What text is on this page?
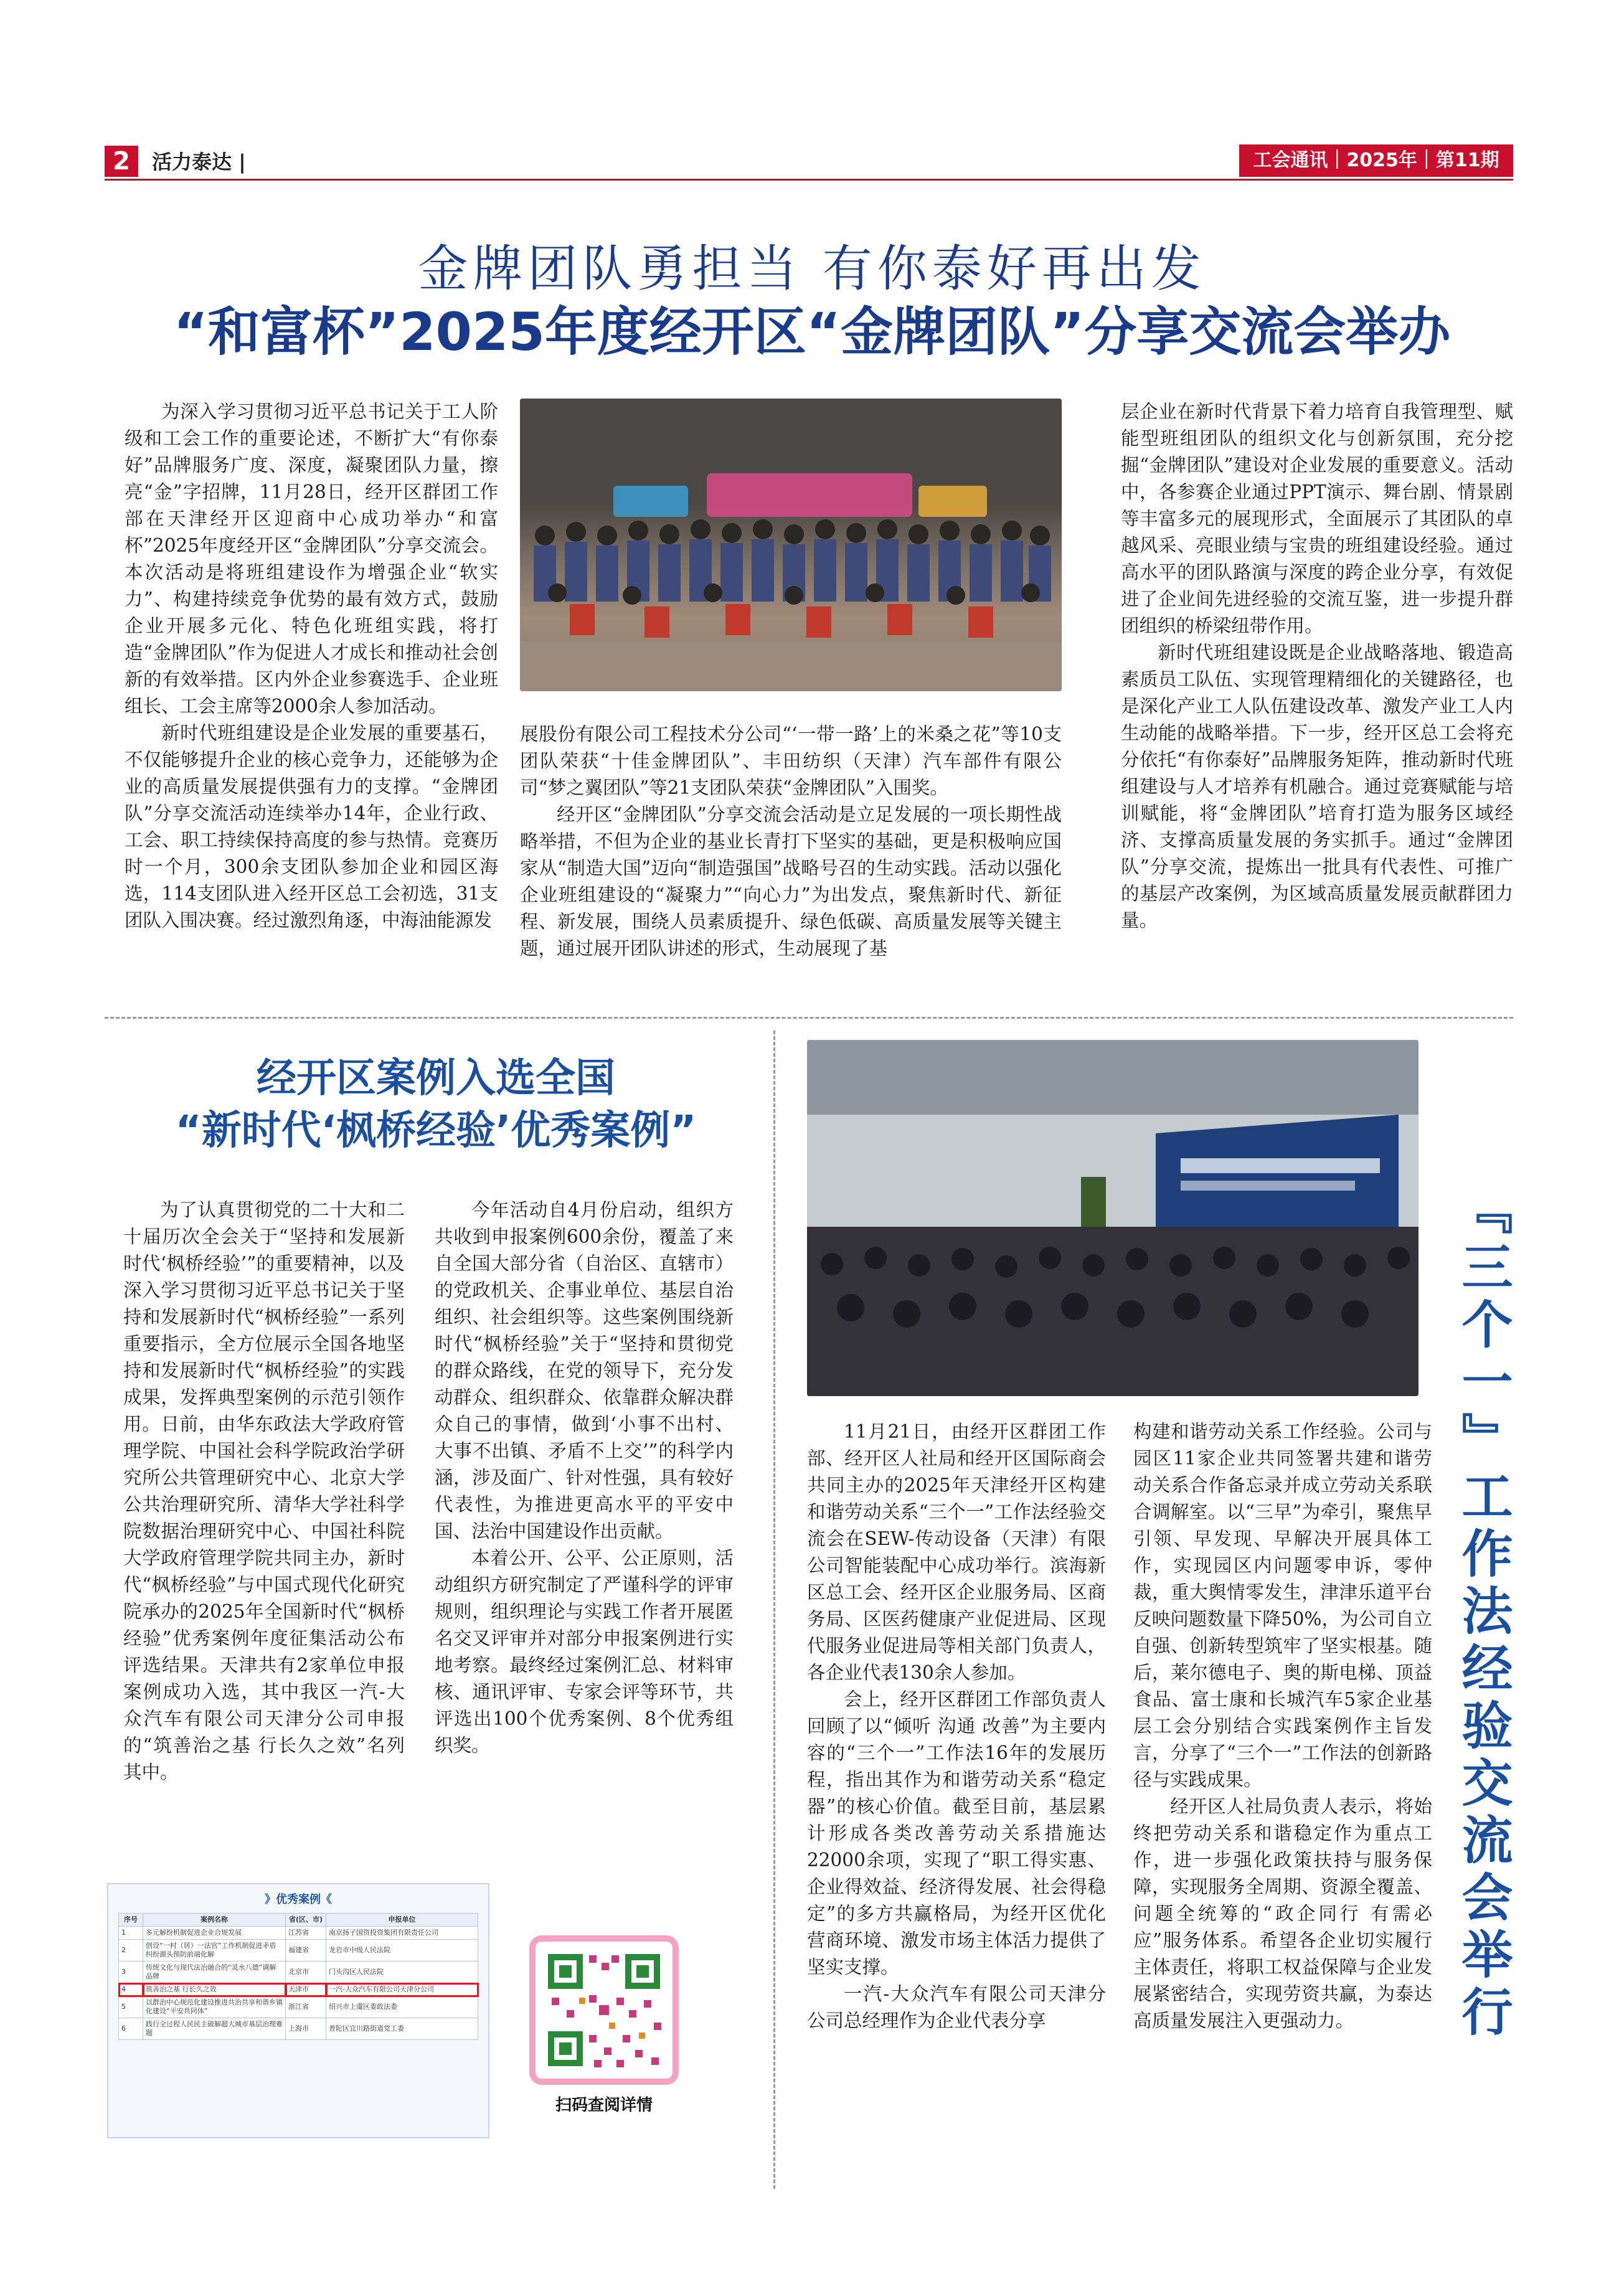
2	活力泰达 |	工会通讯｜2025年｜第11期
金牌团队勇担当 有你泰好再出发
“和富杯”2025年度经开区“金牌团队”分享交流会举办

为深入学习贯彻习近平总书记关于工人阶级和工会工作的重要论述，不断扩大“有你泰好”品牌服务广度、深度，凝聚团队力量，擦亮“金”字招牌，11月28日，经开区群团工作部在天津经开区迎商中心成功举办“和富杯”2025年度经开区“金牌团队”分享交流会。本次活动是将班组建设作为增强企业“软实力”、构建持续竞争优势的最有效方式，鼓励企业开展多元化、特色化班组实践，将打造“金牌团队”作为促进人才成长和推动社会创新的有效举措。区内外企业参赛选手、企业班组长、工会主席等2000余人参加活动。

新时代班组建设是企业发展的重要基石，不仅能够提升企业的核心竞争力，还能够为企业的高质量发展提供强有力的支撑。“金牌团队”分享交流活动连续举办14年，企业行政、工会、职工持续保持高度的参与热情。竞赛历时一个月，300余支团队参加企业和园区海选，114支团队进入经开区总工会初选，31支团队入围决赛。经过激烈角逐，中海油能源发

展股份有限公司工程技术分公司“‘一带一路’上的米桑之花”等10支团队荣获“十佳金牌团队”、丰田纺织（天津）汽车部件有限公司“梦之翼团队”等21支团队荣获“金牌团队”入围奖。

经开区“金牌团队”分享交流会活动是立足发展的一项长期性战略举措，不但为企业的基业长青打下坚实的基础，更是积极响应国家从“制造大国”迈向“制造强国”战略号召的生动实践。活动以强化企业班组建设的“凝聚力”“向心力”为出发点，聚焦新时代、新征程、新发展，围绕人员素质提升、绿色低碳、高质量发展等关键主题，通过展开团队讲述的形式，生动展现了基

层企业在新时代背景下着力培育自我管理型、赋能型班组团队的组织文化与创新氛围，充分挖掘“金牌团队”建设对企业发展的重要意义。活动中，各参赛企业通过PPT演示、舞台剧、情景剧等丰富多元的展现形式，全面展示了其团队的卓越风采、亮眼业绩与宝贵的班组建设经验。通过高水平的团队路演与深度的跨企业分享，有效促进了企业间先进经验的交流互鉴，进一步提升群团组织的桥梁纽带作用。

新时代班组建设既是企业战略落地、锻造高素质员工队伍、实现管理精细化的关键路径，也是深化产业工人队伍建设改革、激发产业工人内生动能的战略举措。下一步，经开区总工会将充分依托“有你泰好”品牌服务矩阵，推动新时代班组建设与人才培养有机融合。通过竞赛赋能与培训赋能，将“金牌团队”培育打造为服务区域经济、支撑高质量发展的务实抓手。通过“金牌团队”分享交流，提炼出一批具有代表性、可推广的基层产改案例，为区域高质量发展贡献群团力量。

经开区案例入选全国
“新时代‘枫桥经验’优秀案例”

为了认真贯彻党的二十大和二十届历次全会关于“坚持和发展新时代‘枫桥经验’”的重要精神，以及深入学习贯彻习近平总书记关于坚持和发展新时代“枫桥经验”一系列重要指示，全方位展示全国各地坚持和发展新时代“枫桥经验”的实践成果，发挥典型案例的示范引领作用。日前，由华东政法大学政府管理学院、中国社会科学院政治学研究所公共管理研究中心、北京大学公共治理研究所、清华大学社科学院数据治理研究中心、中国社科院大学政府管理学院共同主办，新时代“枫桥经验”与中国式现代化研究院承办的2025年全国新时代“枫桥经验”优秀案例年度征集活动公布评选结果。天津共有2家单位申报案例成功入选，其中我区一汽-大众汽车有限公司天津分公司申报的“筑善治之基 行长久之效”名列其中。

今年活动自4月份启动，组织方共收到申报案例600余份，覆盖了来自全国大部分省（自治区、直辖市）的党政机关、企事业单位、基层自治组织、社会组织等。这些案例围绕新时代“枫桥经验”关于“坚持和贯彻党的群众路线，在党的领导下，充分发动群众、组织群众、依靠群众解决群众自己的事情，做到‘小事不出村、大事不出镇、矛盾不上交’”的科学内涵，涉及面广、针对性强，具有较好代表性，为推进更高水平的平安中国、法治中国建设作出贡献。

本着公开、公平、公正原则，活动组织方研究制定了严谨科学的评审规则，组织理论与实践工作者开展匿名交叉评审并对部分申报案例进行实地考察。最终经过案例汇总、材料审核、通讯评审、专家会评等环节，共评选出100个优秀案例、8个优秀组织奖。

》优秀案例《
序号	案例名称	省(区、市)	申报单位
1	多元解纷机制促进企业合规发展	江苏省	南京扬子国资投资集团有限责任公司
2	创设“一村（居）一法官”工作机制促进矛盾纠纷源头预防前端化解	福建省	龙岩市中级人民法院
3	传统文化与现代法治融合的“灵水八德”调解品牌	北京市	门头沟区人民法院
4	筑善治之基 行长久之效	天津市	一汽-大众汽车有限公司天津分公司
5	以群治中心规范化建设推进共治共享和谐乡镇化建设“平安共同体”	浙江省	绍兴市上虞区委政法委
6	践行全过程人民民主破解超大城市基层治理难题	上海市	普陀区宜川路街道党工委
扫码查阅详情
『三个一』工作法经验交流会举行

11月21日，由经开区群团工作部、经开区人社局和经开区国际商会共同主办的2025年天津经开区构建和谐劳动关系“三个一”工作法经验交流会在SEW-传动设备（天津）有限公司智能装配中心成功举行。滨海新区总工会、经开区企业服务局、区商务局、区医药健康产业促进局、区现代服务业促进局等相关部门负责人，各企业代表130余人参加。

会上，经开区群团工作部负责人回顾了以“倾听 沟通 改善”为主要内容的“三个一”工作法16年的发展历程，指出其作为和谐劳动关系“稳定器”的核心价值。截至目前，基层累计形成各类改善劳动关系措施达22000余项，实现了“职工得实惠、企业得效益、经济得发展、社会得稳定”的多方共赢格局，为经开区优化营商环境、激发市场主体活力提供了坚实支撑。

一汽-大众汽车有限公司天津分公司总经理作为企业代表分享

构建和谐劳动关系工作经验。公司与园区11家企业共同签署共建和谐劳动关系合作备忘录并成立劳动关系联合调解室。以“三早”为牵引，聚焦早引领、早发现、早解决开展具体工作，实现园区内问题零申诉，零仲裁，重大舆情零发生，津津乐道平台反映问题数量下降50%，为公司自立自强、创新转型筑牢了坚实根基。随后，莱尔德电子、奥的斯电梯、顶益食品、富士康和长城汽车5家企业基层工会分别结合实践案例作主旨发言，分享了“三个一”工作法的创新路径与实践成果。

经开区人社局负责人表示，将始终把劳动关系和谐稳定作为重点工作，进一步强化政策扶持与服务保障，实现服务全周期、资源全覆盖、问题全统筹的“政企同行 有需必应”服务体系。希望各企业切实履行主体责任，将职工权益保障与企业发展紧密结合，实现劳资共赢，为泰达高质量发展注入更强动力。
